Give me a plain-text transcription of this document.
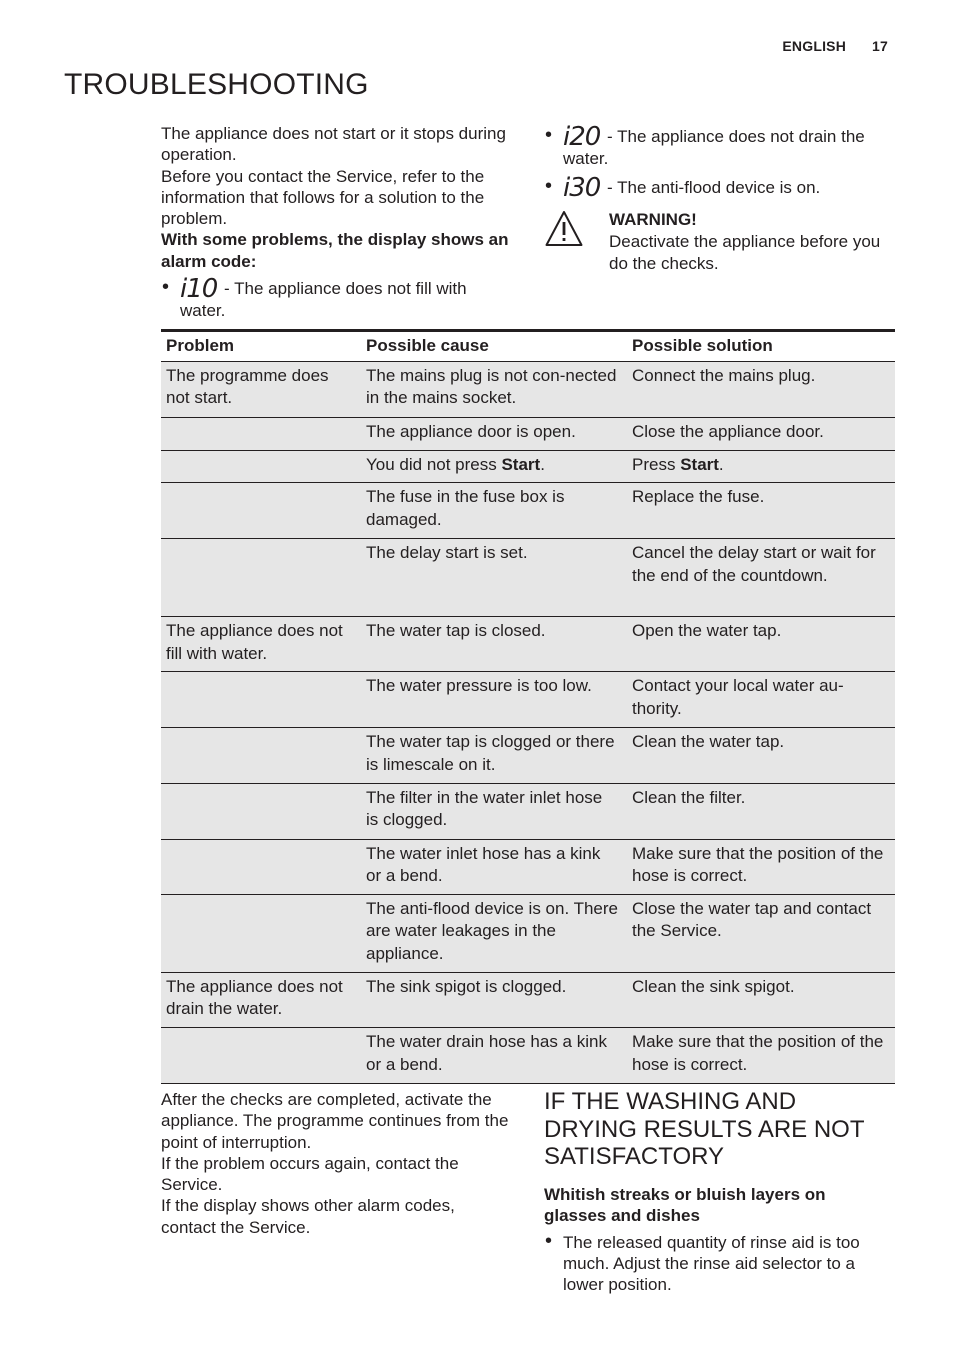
ENGLISH 17
TROUBLESHOOTING

The appliance does not start or it stops during operation.

Before you contact the Service, refer to the information that follows for a solution to the problem.

With some problems, the display shows an alarm code:

• i10 - The appliance does not fill with water.

• i20 - The appliance does not drain the water.

• i30 - The anti-flood device is on.

WARNING!

Deactivate the appliance before you do the checks.

Problem	Possible cause	Possible solution
The programme does not start.	The mains plug is not con-nected in the mains socket.	Connect the mains plug.
	The appliance door is open.	Close the appliance door.
	You did not press Start.	Press Start.
	The fuse in the fuse box is damaged.	Replace the fuse.
	The delay start is set.	Cancel the delay start or wait for the end of the countdown.
The appliance does not fill with water.	The water tap is closed.	Open the water tap.
	The water pressure is too low.	Contact your local water au-thority.
	The water tap is clogged or there is limescale on it.	Clean the water tap.
	The filter in the water inlet hose is clogged.	Clean the filter.
	The water inlet hose has a kink or a bend.	Make sure that the position of the hose is correct.
	The anti-flood device is on. There are water leakages in the appliance.	Close the water tap and contact the Service.
The appliance does not drain the water.	The sink spigot is clogged.	Clean the sink spigot.
	The water drain hose has a kink or a bend.	Make sure that the position of the hose is correct.

After the checks are completed, activate the appliance. The programme continues from the point of interruption.

If the problem occurs again, contact the Service.

If the display shows other alarm codes, contact the Service.

IF THE WASHING AND DRYING RESULTS ARE NOT SATISFACTORY
Whitish streaks or bluish layers on glasses and dishes

• The released quantity of rinse aid is too much. Adjust the rinse aid selector to a lower position.
